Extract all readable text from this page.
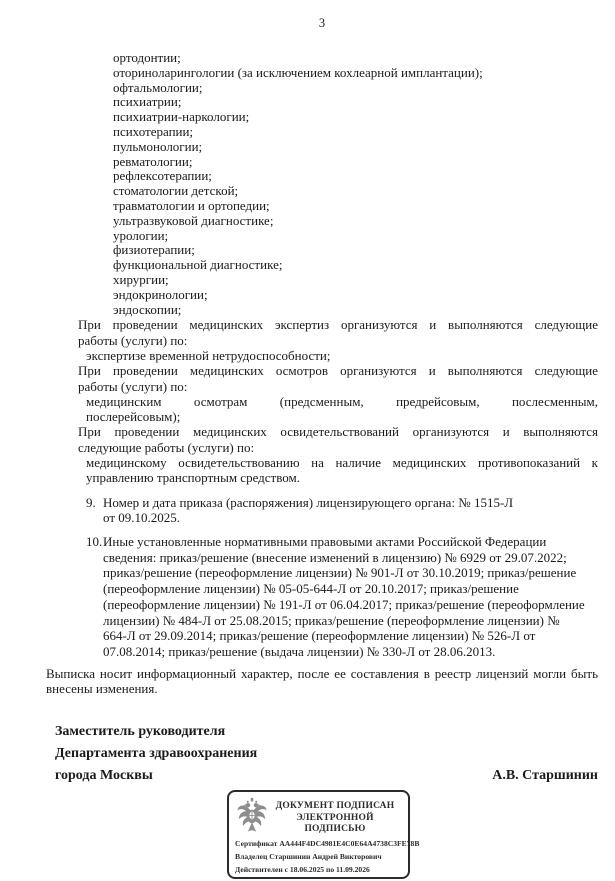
3
ортодонтии;
оториноларингологии (за исключением кохлеарной имплантации);
офтальмологии;
психиатрии;
психиатрии-наркологии;
психотерапии;
пульмонологии;
ревматологии;
рефлексотерапии;
стоматологии детской;
травматологии и ортопедии;
ультразвуковой диагностике;
урологии;
физиотерапии;
функциональной диагностике;
хирургии;
эндокринологии;
эндоскопии;
При проведении медицинских экспертиз организуются и выполняются следующие
работы (услуги) по:
экспертизе временной нетрудоспособности;
При проведении медицинских осмотров организуются и выполняются следующие
работы (услуги) по:
медицинским осмотрам (предсменным, предрейсовым, послесменным,
послерейсовым);
При проведении медицинских освидетельствований организуются и выполняются
следующие работы (услуги) по:
медицинскому освидетельствованию на наличие медицинских противопоказаний к
управлению транспортным средством.
9. Номер и дата приказа (распоряжения) лицензирующего органа: № 1515-Л
от 09.10.2025.
10. Иные установленные нормативными правовыми актами Российской Федерации
сведения: приказ/решение (внесение изменений в лицензию) № 6929 от 29.07.2022;
приказ/решение (переоформление лицензии) № 901-Л от 30.10.2019; приказ/решение
(переоформление лицензии) № 05-05-644-Л от 20.10.2017; приказ/решение
(переоформление лицензии) № 191-Л от 06.04.2017; приказ/решение (переоформление
лицензии) № 484-Л от 25.08.2015; приказ/решение (переоформление лицензии) №
664-Л от 29.09.2014; приказ/решение (переоформление лицензии) № 526-Л от
07.08.2014; приказ/решение (выдача лицензии) № 330-Л от 28.06.2013.
Выписка носит информационный характер, после ее составления в реестр лицензий могли быть
внесены изменения.
Заместитель руководителя
Департамента здравоохранения
города Москвы	А.В. Старшинин
ДОКУМЕНТ ПОДПИСАН
ЭЛЕКТРОННОЙ ПОДПИСЬЮ
Сертификат AA444F4DC4981E4C0E64A4738C3FE78B
Владелец Старшинин Андрей Викторович
Действителен с 18.06.2025 по 11.09.2026
